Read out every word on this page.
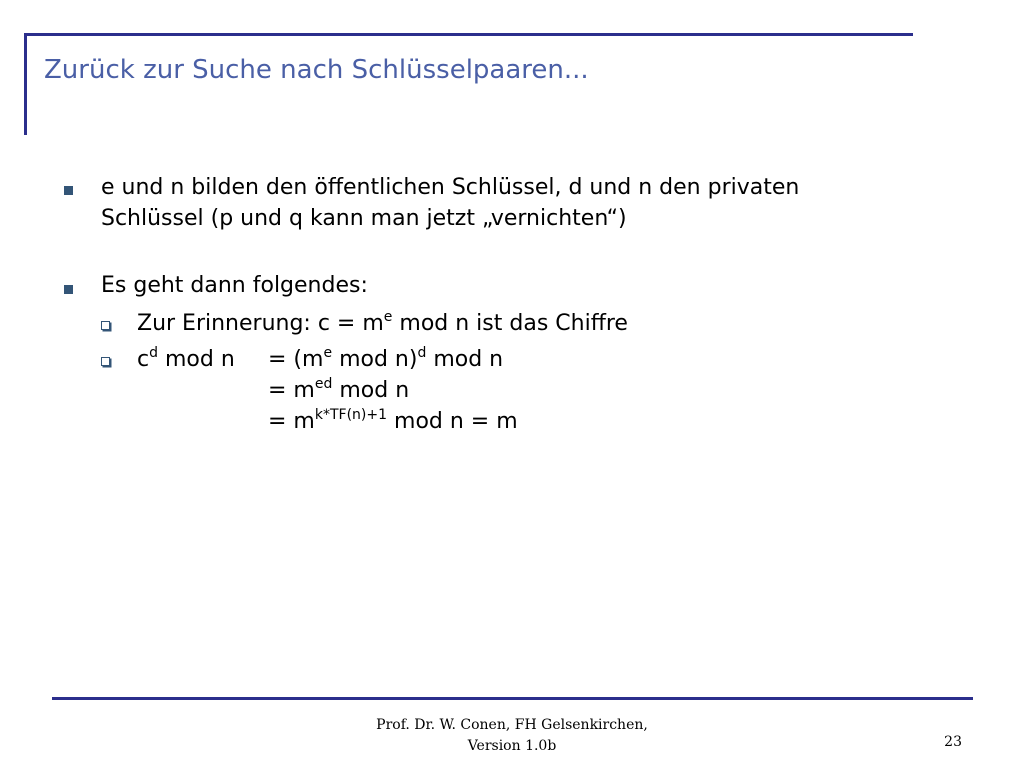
Zurück zur Suche nach Schlüsselpaaren...
e und n bilden den öffentlichen Schlüssel, d und n den privaten
Schlüssel (p und q kann man jetzt „vernichten“)
Es geht dann folgendes:
Zur Erinnerung: $c = m^e$ mod n ist das Chiffre
$c^d$ mod $n = (m^e$ mod n)$^d$ mod n
= $m^{ed}$ mod n
= $m^{k*TF(n)+1}$ mod n = m
Prof. Dr. W. Conen, FH Gelsenkirchen,
Version 1.0b	23
